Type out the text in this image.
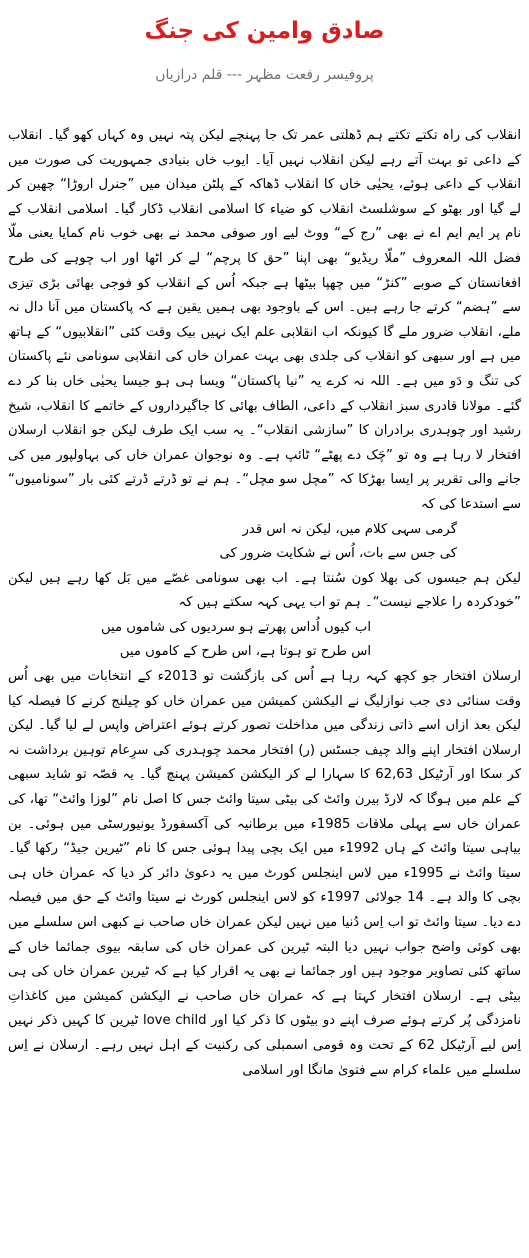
صادق وامین کی جنگ
پروفیسر رفعت مظہر --- قلم درازیاں

انقلاب کی راہ تکتے تکتے ہم ڈھلتی عمر تک جا پہنچے لیکن پتہ نہیں وہ کہاں کھو گیا۔ انقلاب کے داعی تو بہت آتے رہے لیکن انقلاب نہیں آیا۔ ایوب خاں بنیادی جمہوریت کی صورت میں انقلاب کے داعی ہوئے، یحیٰی خاں کا انقلاب ڈھاکہ کے پلٹن میدان میں ”جنرل اروڑا“ چھین کر لے گیا اور بھٹو کے سوشلسٹ انقلاب کو ضیاء کا اسلامی انقلاب ڈکار گیا۔ اسلامی انقلاب کے نام پر ایم ایم اے نے بھی ”رج کے“ ووٹ لیے اور صوفی محمد نے بھی خوب نام کمایا یعنی ملّا فضل اللہ المعروف ”ملّا ریڈیو“ بھی اپنا ”حق کا پرچم“ لے کر اٹھا اور اب چوہے کی طرح افغانستان کے صوبے ”کنڑ“ میں چھپا بیٹھا ہے جبکہ اُس کے انقلاب کو فوجی بھائی بڑی تیزی سے ”ہضم“ کرتے جا رہے ہیں۔ اس کے باوجود بھی ہمیں یقین ہے کہ پاکستان میں آنا دال نہ ملے، انقلاب ضرور ملے گا کیونکہ اب انقلابی علم ایک نہیں بیک وقت کئی ”انقلابیوں“ کے ہاتھ میں ہے اور سبھی کو انقلاب کی جلدی بھی بہت عمران خاں کی انقلابی سونامی نئے پاکستان کی تنگ و دَو میں ہے۔ اللہ نہ کرے یہ ”نیا پاکستان“ ویسا ہی ہو جیسا یحیٰی خاں بنا کر دے گئے۔ مولانا قادری سبز انقلاب کے داعی، الطاف بھائی کا جاگیرداروں کے خاتمے کا انقلاب، شیخ رشید اور چوہدری برادران کا ”سازشی انقلاب“۔ یہ سب ایک طرف لیکن جو انقلاب ارسلان افتخار لا رہا ہے وہ تو ”چَک دے پھٹے“ ٹائپ ہے۔ وہ نوجوان عمران خاں کی بہاولپور میں کی جانے والی تقریر پر ایسا بھڑکا کہ ”مچل سو مچل“۔ ہم نے تو ڈرتے ڈرتے کئی بار ”سونامیوں“ سے استدعا کی کہ

گرمی سہی کلام میں، لیکن نہ اس قدر

کی جس سے بات، اُس نے شکایت ضرور کی

لیکن ہم جیسوں کی بھلا کون سُنتا ہے۔ اب بھی سونامی غصّے میں بَل کھا رہے ہیں لیکن ”خودکردہ را علاجے نیست“۔ ہم تو اب یہی کہہ سکتے ہیں کہ

اب کیوں اُداس پھرتے ہو سردیوں کی شاموں میں

اس طرح تو ہوتا ہے، اس طرح کے کاموں میں

ارسلان افتخار جو کچھ کہہ رہا ہے اُس کی بازگشت تو 2013ء کے انتخابات میں بھی اُس وقت سنائی دی جب نوازلیگ نے الیکشن کمیشن میں عمران خاں کو چیلنج کرنے کا فیصلہ کیا لیکن بعد ازاں اسے ذاتی زندگی میں مداخلت تصور کرتے ہوئے اعتراض واپس لے لیا گیا۔ لیکن ارسلان افتخار اپنے والد چیف جسٹس (ر) افتخار محمد چوہدری کی سرِعام توہین برداشت نہ کر سکا اور آرٹیکل 62,63 کا سہارا لے کر الیکشن کمیشن پہنچ گیا۔ یہ قصّہ تو شاید سبھی کے علم میں ہوگا کہ لارڈ بیرن وائٹ کی بیٹی سیتا وائٹ جس کا اصل نام ”لوزا وائٹ“ تھا، کی عمران خاں سے پہلی ملاقات 1985ء میں برطانیہ کی آکسفورڈ یونیورسٹی میں ہوئی۔ بن بیاہی سیتا وائٹ کے ہاں 1992ء میں ایک بچی پیدا ہوئی جس کا نام ”ٹیرین جیڈ“ رکھا گیا۔ سیتا وائٹ نے 1995ء میں لاس اینجلس کورٹ میں یہ دعویٰ دائر کر دیا کہ عمران خاں ہی بچی کا والد ہے۔ 14 جولائی 1997ء کو لاس اینجلس کورٹ نے سیتا وائٹ کے حق میں فیصلہ دے دیا۔ سیتا وائٹ تو اب اِس دُنیا میں نہیں لیکن عمران خاں صاحب نے کبھی اس سلسلے میں بھی کوئی واضح جواب نہیں دیا البتہ ٹیرین کی عمران خاں کی سابقہ بیوی جمائما خاں کے ساتھ کئی تصاویر موجود ہیں اور جمائما نے بھی یہ اقرار کیا ہے کہ ٹیرین عمران خاں کی ہی بیٹی ہے۔ ارسلان افتخار کہتا ہے کہ عمران خاں صاحب نے الیکشن کمیشن میں کاغذاتِ نامزدگی پُر کرتے ہوئے صرف اپنے دو بیٹوں کا ذکر کیا اور love child ٹیرین کا کہیں ذکر نہیں اِس لیے آرٹیکل 62 کے تحت وہ قومی اسمبلی کی رکنیت کے اہل نہیں رہے۔ ارسلان نے اِس سلسلے میں علماء کرام سے فتویٰ مانگا اور اسلامی
